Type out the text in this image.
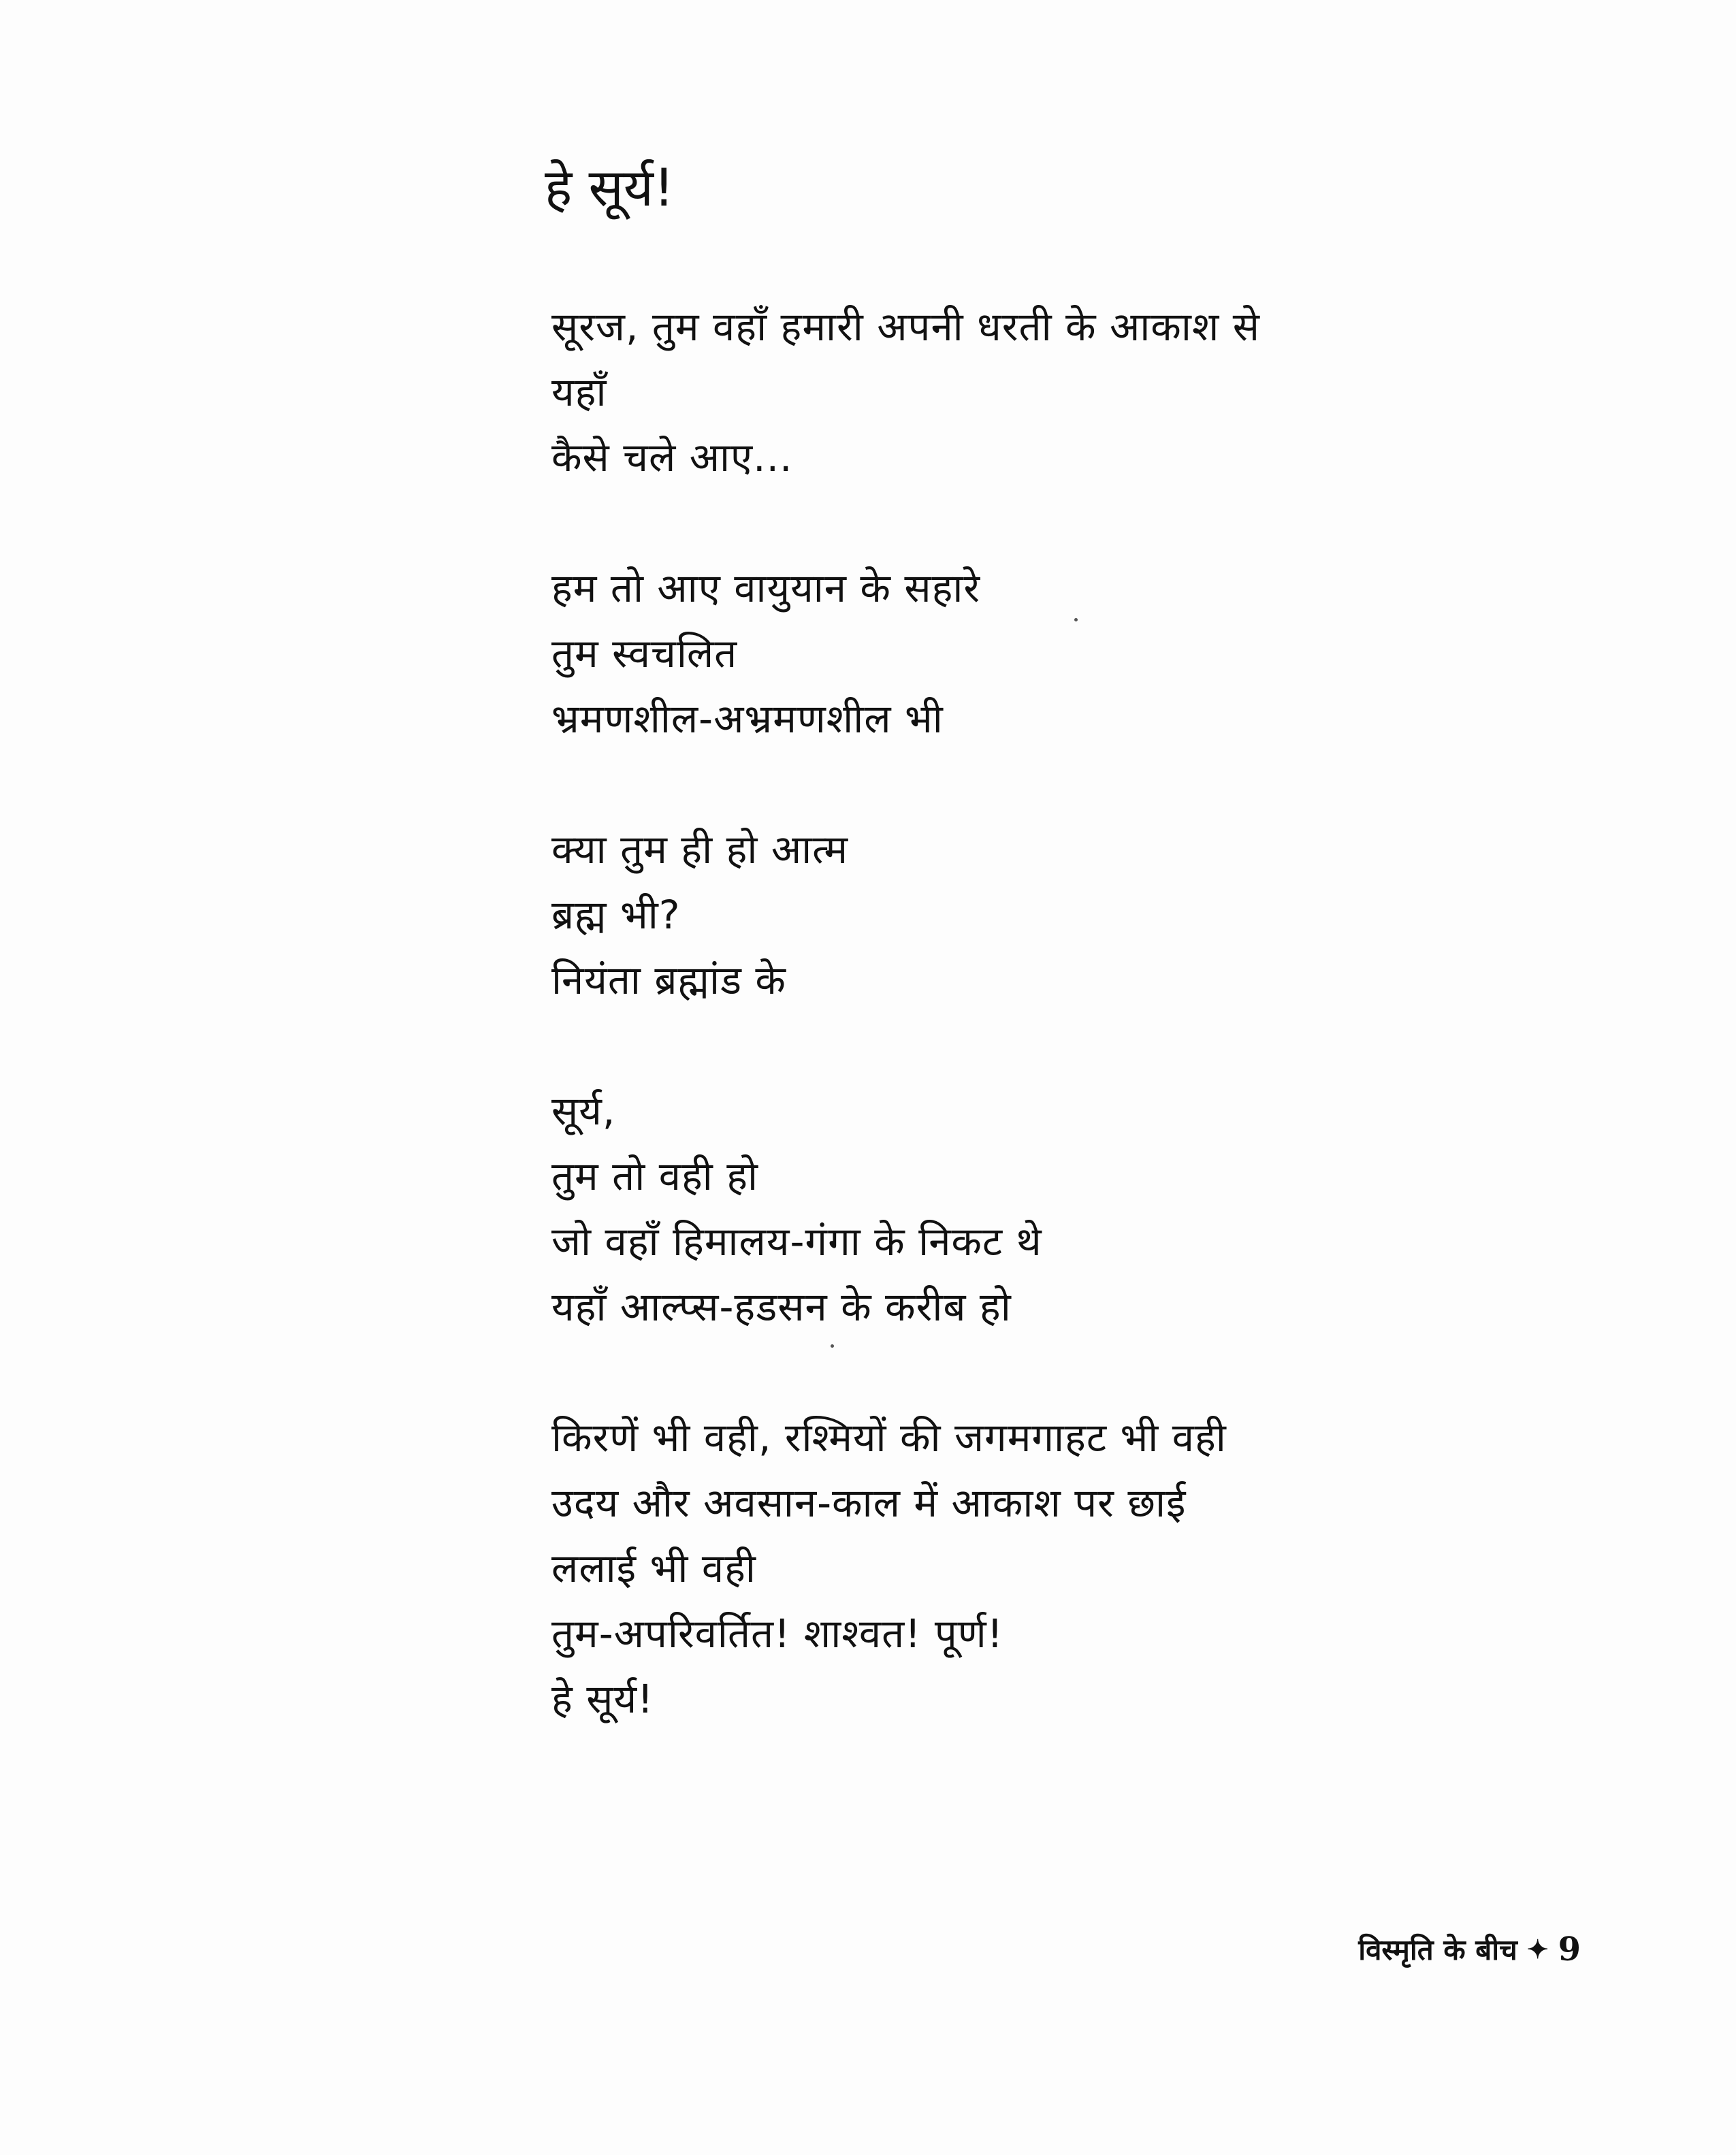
हे सूर्य!
सूरज, तुम वहाँ हमारी अपनी धरती के आकाश से
यहाँ
कैसे चले आए...
हम तो आए वायुयान के सहारे
तुम स्वचलित
भ्रमणशील-अभ्रमणशील भी
क्या तुम ही हो आत्म
ब्रह्म भी?
नियंता ब्रह्मांड के
सूर्य,
तुम तो वही हो
जो वहाँ हिमालय-गंगा के निकट थे
यहाँ आल्प्स-हडसन के करीब हो
किरणें भी वही, रश्मियों की जगमगाहट भी वही
उदय और अवसान-काल में आकाश पर छाई
ललाई भी वही
तुम-अपरिवर्तित! शाश्वत! पूर्ण!
हे सूर्य!
विस्मृति के बीच ✦ 9
